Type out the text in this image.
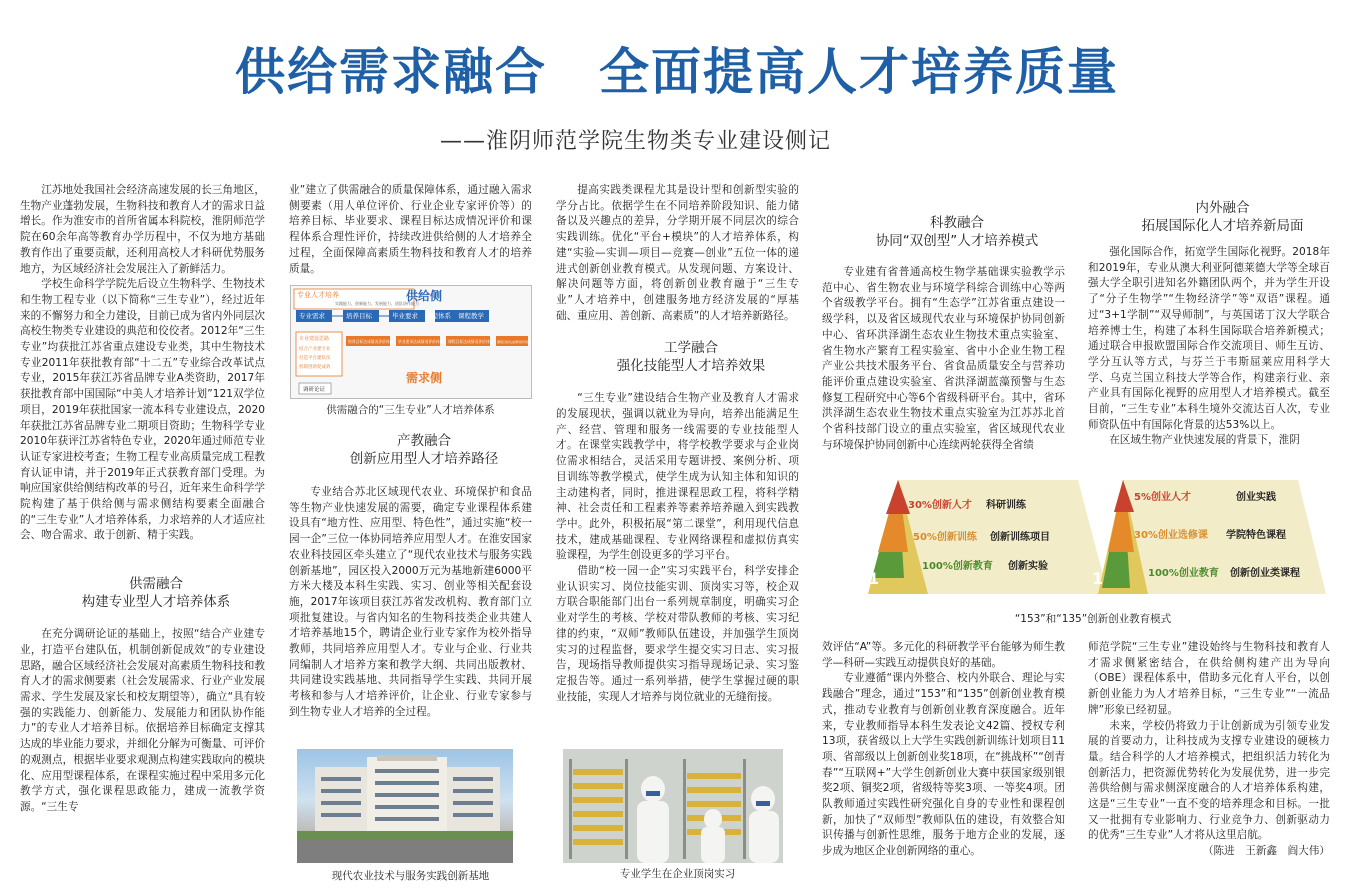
供给需求融合　全面提高人才培养质量
——淮阴师范学院生物类专业建设侧记

江苏地处我国社会经济高速发展的长三角地区，生物产业蓬勃发展，生物科技和教育人才的需求日益增长。作为淮安市的首所省属本科院校，淮阴师范学院在60余年高等教育办学历程中，不仅为地方基础教育作出了重要贡献，还利用高校人才科研优势服务地方，为区域经济社会发展注入了新鲜活力。

学校生命科学学院先后设立生物科学、生物技术和生物工程专业（以下简称“三生专业”），经过近年来的不懈努力和全力建设，目前已成为省内外同层次高校生物类专业建设的典范和佼佼者。2012年“三生专业”均获批江苏省重点建设专业类，其中生物技术专业2011年获批教育部“十二五”专业综合改革试点专业，2015年获江苏省品牌专业A类资助，2017年获批教育部中国国际“中美人才培养计划”121双学位项目，2019年获批国家一流本科专业建设点，2020年获批江苏省品牌专业二期项目资助；生物科学专业2010年获评江苏省特色专业，2020年通过师范专业认证专家进校考查；生物工程专业高质量完成工程教育认证申请，并于2019年正式获教育部门受理。为响应国家供给侧结构改革的号召，近年来生命科学学院构建了基于供给侧与需求侧结构要素全面融合的“三生专业”人才培养体系，力求培养的人才适应社会、吻合需求、敢于创新、精于实践。

供需融合

构建专业型人才培养体系

在充分调研论证的基础上，按照“结合产业建专业，打造平台建队伍，机制创新促成效”的专业建设思路，融合区域经济社会发展对高素质生物科技和教育人才的需求侧要素（社会发展需求、行业产业发展需求、学生发展及家长和校友期望等），确立“具有较强的实践能力、创新能力、发展能力和团队协作能力”的专业人才培养目标。依据培养目标确定支撑其达成的毕业能力要求，并细化分解为可衡量、可评价的观测点，根据毕业要求观测点构建实践取向的模块化、应用型课程体系，在课程实施过程中采用多元化教学方式，强化课程思政能力，建成一流教学资源。“三生专

业”建立了供需融合的质量保障体系，通过融入需求侧要素（用人单位评价、行业企业专家评价等）的培养目标、毕业要求、课程目标达成情况评价和课程体系合理性评价，持续改进供给侧的人才培养全过程，全面保障高素质生物科技和教育人才的培养质量。

专业人才培养
实践能力、创新能力、发展能力、团队协作能力
供给侧
专业需求	培养目标	毕业要求 课程体系 课程教学
专业建设思路
结合产业建专业
打造平台建队伍
机制创新促成效
培养目标达成情况评价体系 毕业要求达成情况评价体系 课程目标达成情况评价体系 课程目标达成情况评价体系
需求侧
调研论证
供需融合的“三生专业”人才培养体系

产教融合

创新应用型人才培养路径

专业结合苏北区域现代农业、环境保护和食品等生物产业快速发展的需要，确定专业课程体系建设具有“地方性、应用型、特色性”，通过实施“校一园一企”三位一体协同培养应用型人才。在淮安国家农业科技园区牵头建立了“现代农业技术与服务实践创新基地”，园区投入2000万元为基地新建6000平方米大楼及本科生实践、实习、创业等相关配套设施，2017年该项目获江苏省发改机构、教育部门立项批复建设。与省内知名的生物科技类企业共建人才培养基地15个，聘请企业行业专家作为校外指导教师，共同培养应用型人才。专业与企业、行业共同编制人才培养方案和教学大纲、共同出版教材、共同建设实践基地、共同指导学生实践、共同开展考核和参与人才培养评价，让企业、行业专家参与到生物专业人才培养的全过程。

现代农业技术与服务实践创新基地

提高实践类课程尤其是设计型和创新型实验的学分占比。依据学生在不同培养阶段知识、能力储备以及兴趣点的差异，分学期开展不同层次的综合实践训练。优化“平台+模块”的人才培养体系，构建“实验—实训—项目—竞赛—创业”五位一体的递进式创新创业教育模式。从发现问题、方案设计、解决问题等方面，将创新创业教育融于“三生专业”人才培养中，创建服务地方经济发展的“厚基础、重应用、善创新、高素质”的人才培养新路径。

工学融合

强化技能型人才培养效果

“三生专业”建设结合生物产业及教育人才需求的发展现状，强调以就业为导向，培养出能满足生产、经营、管理和服务一线需要的专业技能型人才。在课堂实践教学中，将学校教学要求与企业岗位需求相结合，灵活采用专题讲授、案例分析、项目训练等教学模式，使学生成为认知主体和知识的主动建构者，同时，推进课程思政工程，将科学精神、社会责任和工程素养等素养培养融入到实践教学中。此外，积极拓展“第二课堂”，利用现代信息技术，建成基础课程、专业网络课程和虚拟仿真实验课程，为学生创设更多的学习平台。

借助“校一园一企”实习实践平台，科学安排企业认识实习、岗位技能实训、顶岗实习等，校企双方联合职能部门出台一系列规章制度，明确实习企业对学生的考核、学校对带队教师的考核、实习纪律的约束，“双师”教师队伍建设，并加强学生顶岗实习的过程监督，要求学生提交实习日志、实习报告，现场指导教师提供实习指导现场记录、实习鉴定报告等。通过一系列举措，使学生掌握过硬的职业技能，实现人才培养与岗位就业的无缝衔接。

专业学生在企业顶岗实习

科教融合

协同“双创型”人才培养模式

专业建有省普通高校生物学基础课实验教学示范中心、省生物农业与环境学科综合训练中心等两个省级教学平台。拥有“生态学”江苏省重点建设一级学科，以及省区域现代农业与环境保护协同创新中心、省环洪泽湖生态农业生物技术重点实验室、省生物水产繁育工程实验室、省中小企业生物工程产业公共技术服务平台、省食品质量安全与营养功能评价重点建设实验室、省洪泽湖蓝藻预警与生态修复工程研究中心等6个省级科研平台。其中，省环洪泽湖生态农业生物技术重点实验室为江苏苏北首个省科技部门设立的重点实验室，省区域现代农业与环境保护协同创新中心连续两轮获得全省绩

内外融合

拓展国际化人才培养新局面

强化国际合作，拓宽学生国际化视野。2018年和2019年，专业从澳大利亚阿德莱德大学等全球百强大学全职引进知名外籍团队两个，并为学生开设了“分子生物学”“生物经济学”等“双语”课程。通过“3+1学制”“双导师制”，与英国诺丁汉大学联合培养博士生，构建了本科生国际联合培养新模式；通过联合申报欧盟国际合作交流项目、师生互访、学分互认等方式，与芬兰于韦斯屈莱应用科学大学、乌克兰国立科技大学等合作，构建亲行业、亲产业具有国际化视野的应用型人才培养模式。截至目前，“三生专业”本科生境外交流达百人次，专业师资队伍中有国际化背景的达53%以上。

在区域生物产业快速发展的背景下，淮阴

3
5
1
30%创新人才
50%创新训练
100%创新教育
科研训练
创新训练项目
创新实验
5
3
1
5%创业人才
30%创业选修课
100%创业教育
创业实践
学院特色课程
创新创业类课程
“153”和“135”创新创业教育模式

效评估“A”等。多元化的科研教学平台能够为师生教学—科研—实践互动提供良好的基础。

专业遵循“课内外整合、校内外联合、理论与实践融合”理念，通过“153”和“135”创新创业教育模式，推动专业教育与创新创业教育深度融合。近年来，专业教师指导本科生发表论文42篇、授权专利13项，获省级以上大学生实践创新训练计划项目11项、省部级以上创新创业奖18项，在“挑战杯”“创青春”“互联网+”大学生创新创业大赛中获国家级别银奖2项、铜奖2项，省级特等奖3项、一等奖4项。团队教师通过实践性研究强化自身的专业性和课程创新，加快了“双师型”教师队伍的建设，有效整合知识传播与创新性思维，服务于地方企业的发展，逐步成为地区企业创新网络的重心。

师范学院“三生专业”建设始终与生物科技和教育人才需求侧紧密结合，在供给侧构建产出为导向（OBE）课程体系中，借助多元化育人平台，以创新创业能力为人才培养目标，“三生专业”“一流品牌”形象已经初显。

未来，学校仍将致力于让创新成为引领专业发展的首要动力，让科技成为支撑专业建设的硬核力量。结合科学的人才培养模式，把组织活力转化为创新活力，把资源优势转化为发展优势，进一步完善供给侧与需求侧深度融合的人才培养体系构建，这是“三生专业”一直不变的培养理念和目标。一批又一批拥有专业影响力、行业竞争力、创新驱动力的优秀“三生专业”人才将从这里启航。

（陈进　王新鑫　阎大伟）
